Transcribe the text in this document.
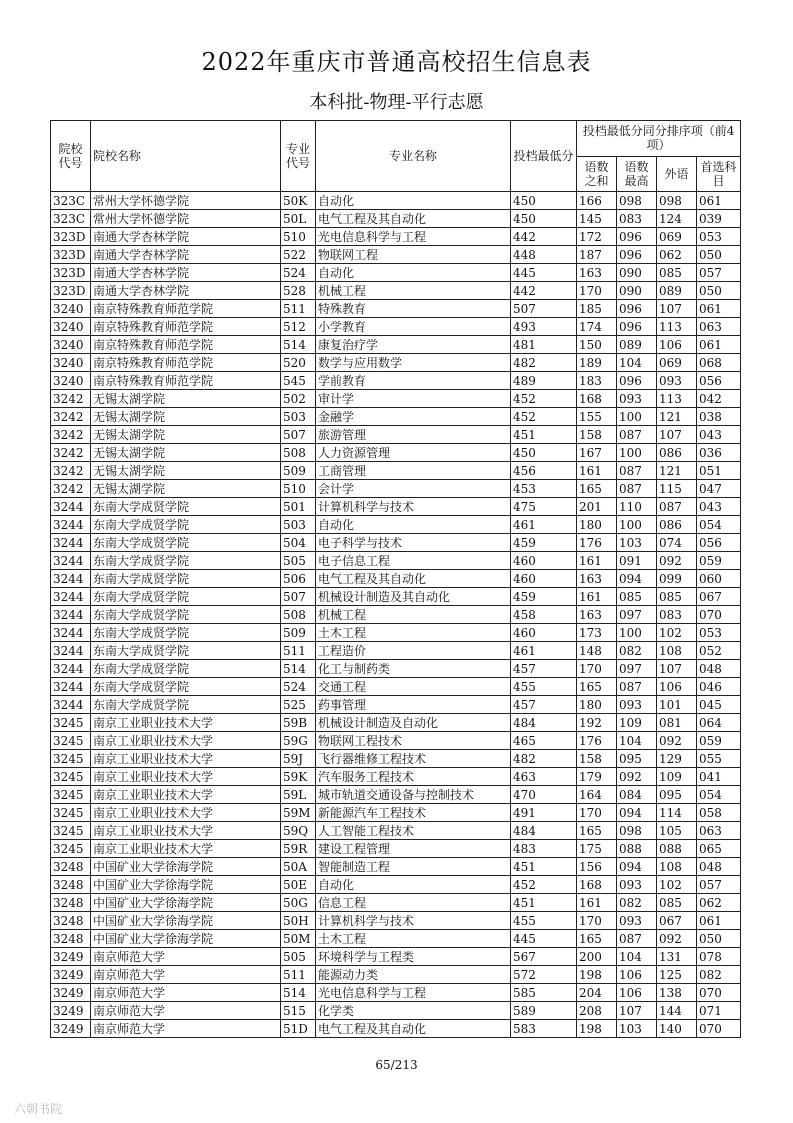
2022年重庆市普通高校招生信息表
本科批-物理-平行志愿
院校代号	院校名称	专业代号	专业名称	投档最低分	投档最低分同分排序项（前4项）			
					语数之和	语数最高	外语	首选科目
323C	常州大学怀德学院	50K	自动化	450	166	098	098	061
323C	常州大学怀德学院	50L	电气工程及其自动化	450	145	083	124	039
323D	南通大学杏林学院	510	光电信息科学与工程	442	172	096	069	053
323D	南通大学杏林学院	522	物联网工程	448	187	096	062	050
323D	南通大学杏林学院	524	自动化	445	163	090	085	057
323D	南通大学杏林学院	528	机械工程	442	170	090	089	050
3240	南京特殊教育师范学院	511	特殊教育	507	185	096	107	061
3240	南京特殊教育师范学院	512	小学教育	493	174	096	113	063
3240	南京特殊教育师范学院	514	康复治疗学	481	150	089	106	061
3240	南京特殊教育师范学院	520	数学与应用数学	482	189	104	069	068
3240	南京特殊教育师范学院	545	学前教育	489	183	096	093	056
3242	无锡太湖学院	502	审计学	452	168	093	113	042
3242	无锡太湖学院	503	金融学	452	155	100	121	038
3242	无锡太湖学院	507	旅游管理	451	158	087	107	043
3242	无锡太湖学院	508	人力资源管理	450	167	100	086	036
3242	无锡太湖学院	509	工商管理	456	161	087	121	051
3242	无锡太湖学院	510	会计学	453	165	087	115	047
3244	东南大学成贤学院	501	计算机科学与技术	475	201	110	087	043
3244	东南大学成贤学院	503	自动化	461	180	100	086	054
3244	东南大学成贤学院	504	电子科学与技术	459	176	103	074	056
3244	东南大学成贤学院	505	电子信息工程	460	161	091	092	059
3244	东南大学成贤学院	506	电气工程及其自动化	460	163	094	099	060
3244	东南大学成贤学院	507	机械设计制造及其自动化	459	161	085	085	067
3244	东南大学成贤学院	508	机械工程	458	163	097	083	070
3244	东南大学成贤学院	509	土木工程	460	173	100	102	053
3244	东南大学成贤学院	511	工程造价	461	148	082	108	052
3244	东南大学成贤学院	514	化工与制药类	457	170	097	107	048
3244	东南大学成贤学院	524	交通工程	455	165	087	106	046
3244	东南大学成贤学院	525	药事管理	457	180	093	101	045
3245	南京工业职业技术大学	59B	机械设计制造及自动化	484	192	109	081	064
3245	南京工业职业技术大学	59G	物联网工程技术	465	176	104	092	059
3245	南京工业职业技术大学	59J	飞行器维修工程技术	482	158	095	129	055
3245	南京工业职业技术大学	59K	汽车服务工程技术	463	179	092	109	041
3245	南京工业职业技术大学	59L	城市轨道交通设备与控制技术	470	164	084	095	054
3245	南京工业职业技术大学	59M	新能源汽车工程技术	491	170	094	114	058
3245	南京工业职业技术大学	59Q	人工智能工程技术	484	165	098	105	063
3245	南京工业职业技术大学	59R	建设工程管理	483	175	088	088	065
3248	中国矿业大学徐海学院	50A	智能制造工程	451	156	094	108	048
3248	中国矿业大学徐海学院	50E	自动化	452	168	093	102	057
3248	中国矿业大学徐海学院	50G	信息工程	451	161	082	085	062
3248	中国矿业大学徐海学院	50H	计算机科学与技术	455	170	093	067	061
3248	中国矿业大学徐海学院	50M	土木工程	445	165	087	092	050
3249	南京师范大学	505	环境科学与工程类	567	200	104	131	078
3249	南京师范大学	511	能源动力类	572	198	106	125	082
3249	南京师范大学	514	光电信息科学与工程	585	204	106	138	070
3249	南京师范大学	515	化学类	589	208	107	144	071
3249	南京师范大学	51D	电气工程及其自动化	583	198	103	140	070
65/213
六朝书院
